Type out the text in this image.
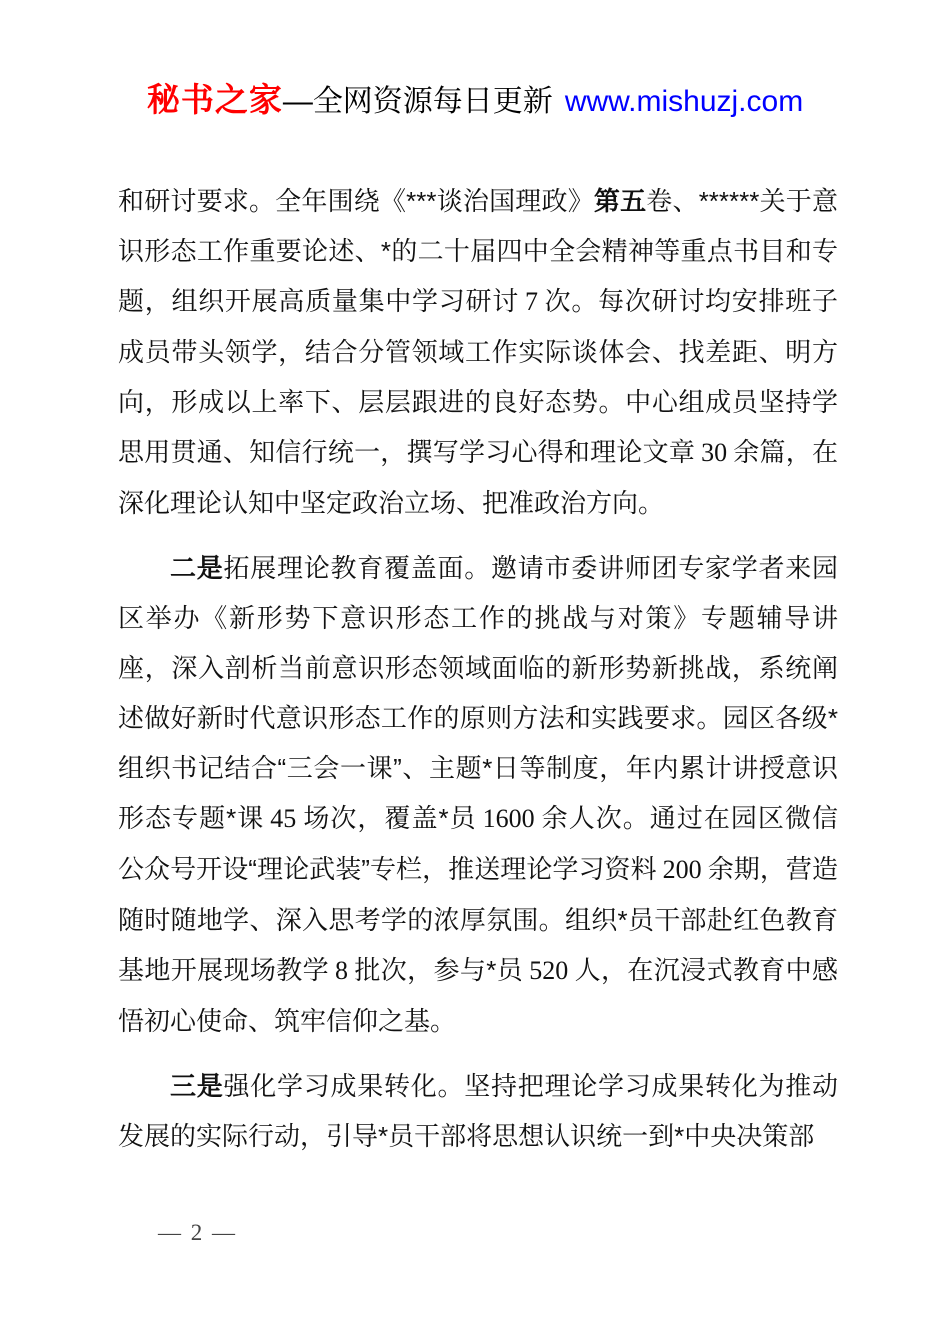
秘书之家—全网资源每日更新 www.mishuzj.com

和研讨要求。全年围绕《***谈治国理政》第五卷、******关于意识形态工作重要论述、*的二十届四中全会精神等重点书目和专题，组织开展高质量集中学习研讨 7 次。每次研讨均安排班子成员带头领学，结合分管领域工作实际谈体会、找差距、明方向，形成以上率下、层层跟进的良好态势。中心组成员坚持学思用贯通、知信行统一，撰写学习心得和理论文章 30 余篇，在深化理论认知中坚定政治立场、把准政治方向。

二是拓展理论教育覆盖面。邀请市委讲师团专家学者来园区举办《新形势下意识形态工作的挑战与对策》专题辅导讲座，深入剖析当前意识形态领域面临的新形势新挑战，系统阐述做好新时代意识形态工作的原则方法和实践要求。园区各级*组织书记结合“三会一课”、主题*日等制度，年内累计讲授意识形态专题*课 45 场次，覆盖*员 1600 余人次。通过在园区微信公众号开设“理论武装”专栏，推送理论学习资料 200 余期，营造随时随地学、深入思考学的浓厚氛围。组织*员干部赴红色教育基地开展现场教学 8 批次，参与*员 520 人，在沉浸式教育中感悟初心使命、筑牢信仰之基。

三是强化学习成果转化。坚持把理论学习成果转化为推动发展的实际行动，引导*员干部将思想认识统一到*中央决策部

— 2 —
